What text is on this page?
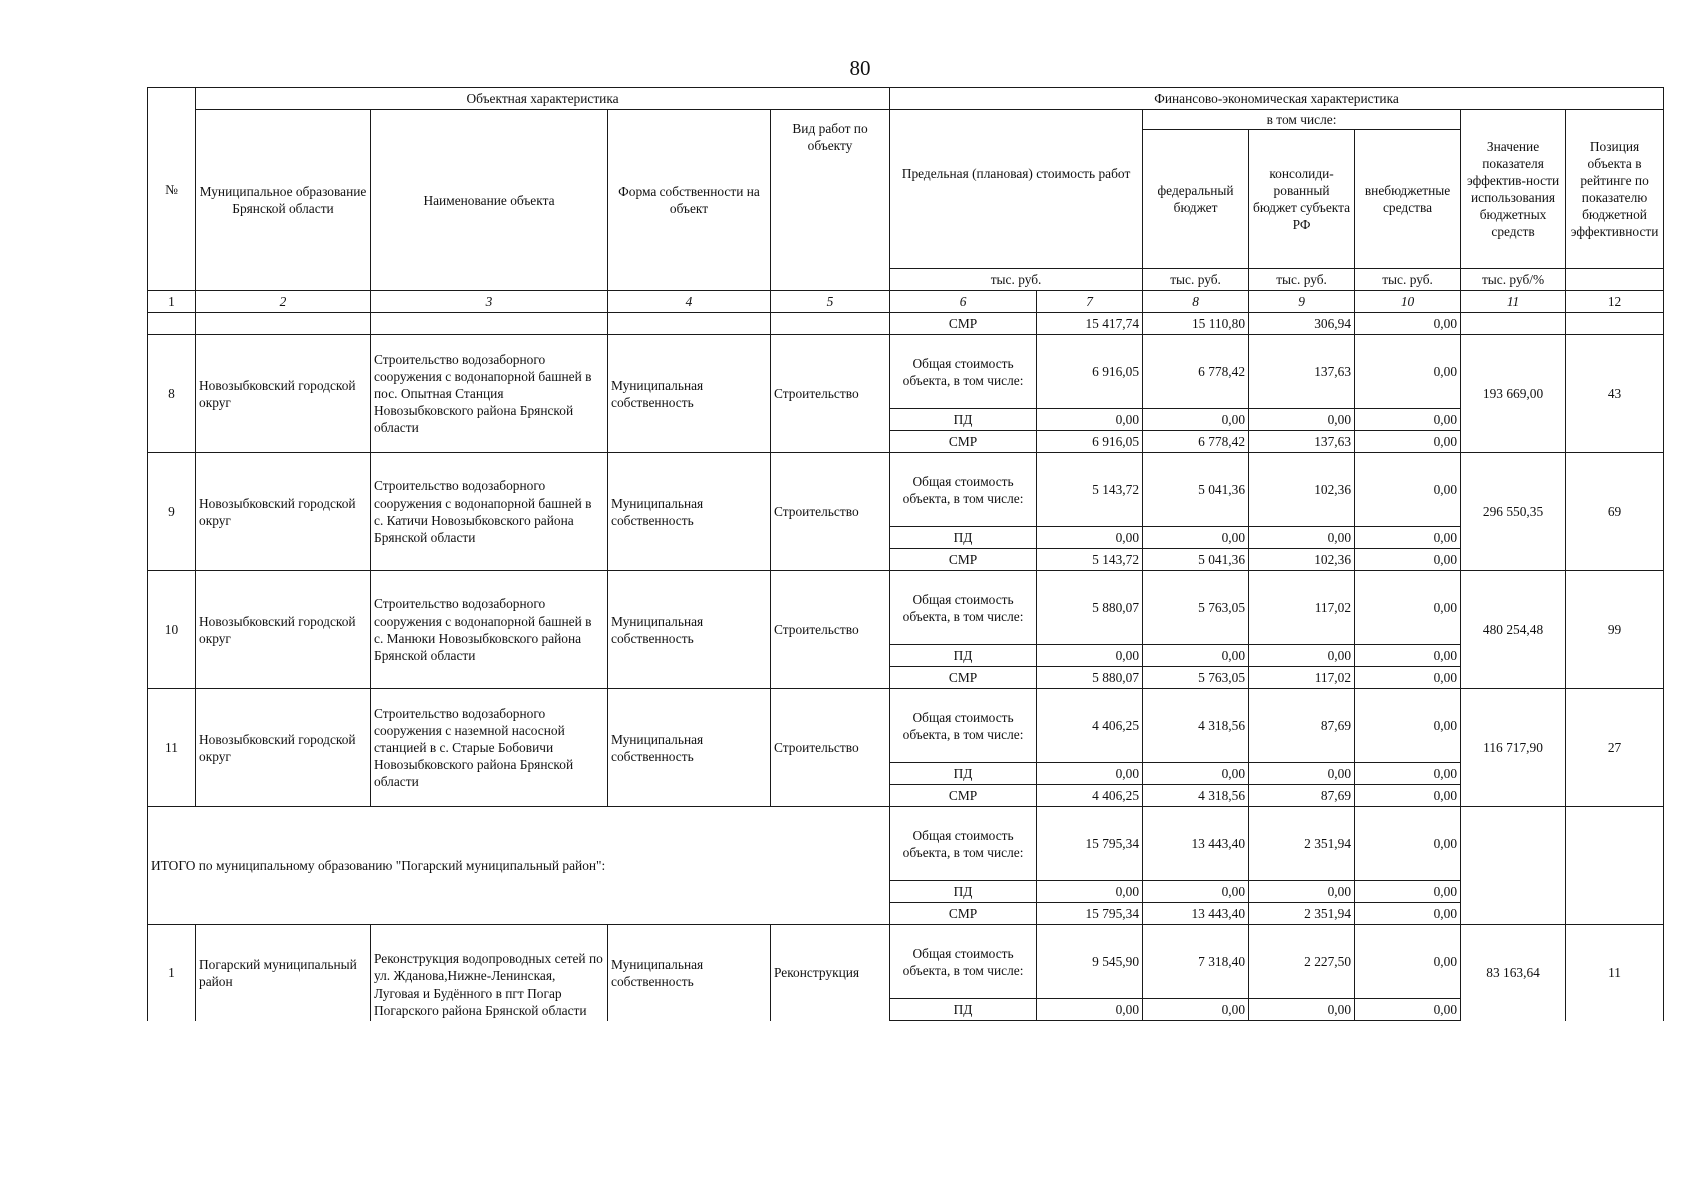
80
№	Объектная характеристика				Финансово-экономическая характеристика						
	Муниципальное образование Брянской области	Наименование объекта	Форма собственности на объект	Вид работ по объекту	Предельная (плановая) стоимость работ		в том числе:			Значение показателя эффектив-ности использования бюджетных средств	Позиция объекта в рейтинге по показателю бюджетной эффективности
							федеральный бюджет	консолиди-рованный бюджет субъекта РФ	внебюджетные средства		
					тыс. руб.		тыс. руб.	тыс. руб.	тыс. руб.	тыс. руб/%	
1	2	3	4	5	6	7	8	9	10	11	12
					СМР	15 417,74	15 110,80	306,94	0,00		
8	Новозыбковский городской округ	Строительство водозаборного сооружения с водонапорной башней в пос. Опытная Станция Новозыбковского района Брянской области	Муниципальная собственность	Строительство	Общая стоимость объекта, в том числе:	6 916,05	6 778,42	137,63	0,00	193 669,00	43
					ПД	0,00	0,00	0,00	0,00		
					СМР	6 916,05	6 778,42	137,63	0,00		
9	Новозыбковский городской округ	Строительство водозаборного сооружения с водонапорной башней в с. Катичи Новозыбковского района Брянской области	Муниципальная собственность	Строительство	Общая стоимость объекта, в том числе:	5 143,72	5 041,36	102,36	0,00	296 550,35	69
					ПД	0,00	0,00	0,00	0,00		
					СМР	5 143,72	5 041,36	102,36	0,00		
10	Новозыбковский городской округ	Строительство водозаборного сооружения с водонапорной башней в с. Манюки Новозыбковского района Брянской области	Муниципальная собственность	Строительство	Общая стоимость объекта, в том числе:	5 880,07	5 763,05	117,02	0,00	480 254,48	99
					ПД	0,00	0,00	0,00	0,00		
					СМР	5 880,07	5 763,05	117,02	0,00		
11	Новозыбковский городской округ	Строительство водозаборного сооружения с наземной насосной станцией в с. Старые Бобовичи Новозыбковского района Брянской области	Муниципальная собственность	Строительство	Общая стоимость объекта, в том числе:	4 406,25	4 318,56	87,69	0,00	116 717,90	27
					ПД	0,00	0,00	0,00	0,00		
					СМР	4 406,25	4 318,56	87,69	0,00		
ИТОГО по муниципальному образованию "Погарский муниципальный район":					Общая стоимость объекта, в том числе:	15 795,34	13 443,40	2 351,94	0,00		
					ПД	0,00	0,00	0,00	0,00		
					СМР	15 795,34	13 443,40	2 351,94	0,00		
1	Погарский муниципальный район	Реконструкция водопроводных сетей по ул. Жданова,Нижне-Ленинская, Луговая и Будённого в пгт Погар Погарского района Брянской области	Муниципальная собственность	Реконструкция	Общая стоимость объекта, в том числе:	9 545,90	7 318,40	2 227,50	0,00	83 163,64	11
					ПД	0,00	0,00	0,00	0,00		
